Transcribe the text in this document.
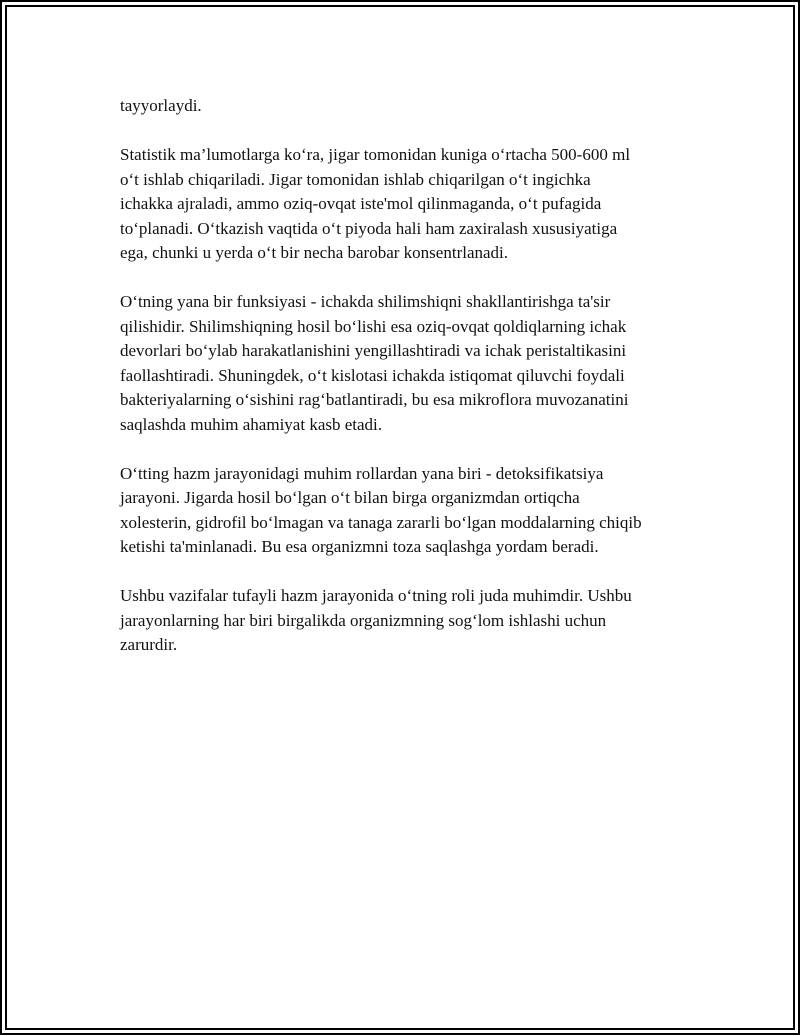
tayyorlaydi.

Statistik ma’lumotlarga ko‘ra, jigar tomonidan kuniga o‘rtacha 500-600 ml
o‘t ishlab chiqariladi. Jigar tomonidan ishlab chiqarilgan o‘t ingichka
ichakka ajraladi, ammo oziq-ovqat iste'mol qilinmaganda, o‘t pufagida
to‘planadi. O‘tkazish vaqtida o‘t piyoda hali ham zaxiralash xususiyatiga
ega, chunki u yerda o‘t bir necha barobar konsentrlanadi.

O‘tning yana bir funksiyasi - ichakda shilimshiqni shakllantirishga ta'sir
qilishidir. Shilimshiqning hosil bo‘lishi esa oziq-ovqat qoldiqlarning ichak
devorlari bo‘ylab harakatlanishini yengillashtiradi va ichak peristaltikasini
faollashtiradi. Shuningdek, o‘t kislotasi ichakda istiqomat qiluvchi foydali
bakteriyalarning o‘sishini rag‘batlantiradi, bu esa mikroflora muvozanatini
saqlashda muhim ahamiyat kasb etadi.

O‘tting hazm jarayonidagi muhim rollardan yana biri - detoksifikatsiya
jarayoni. Jigarda hosil bo‘lgan o‘t bilan birga organizmdan ortiqcha
xolesterin, gidrofil bo‘lmagan va tanaga zararli bo‘lgan moddalarning chiqib
ketishi ta'minlanadi. Bu esa organizmni toza saqlashga yordam beradi.

Ushbu vazifalar tufayli hazm jarayonida o‘tning roli juda muhimdir. Ushbu
jarayonlarning har biri birgalikda organizmning sog‘lom ishlashi uchun
zarurdir.
